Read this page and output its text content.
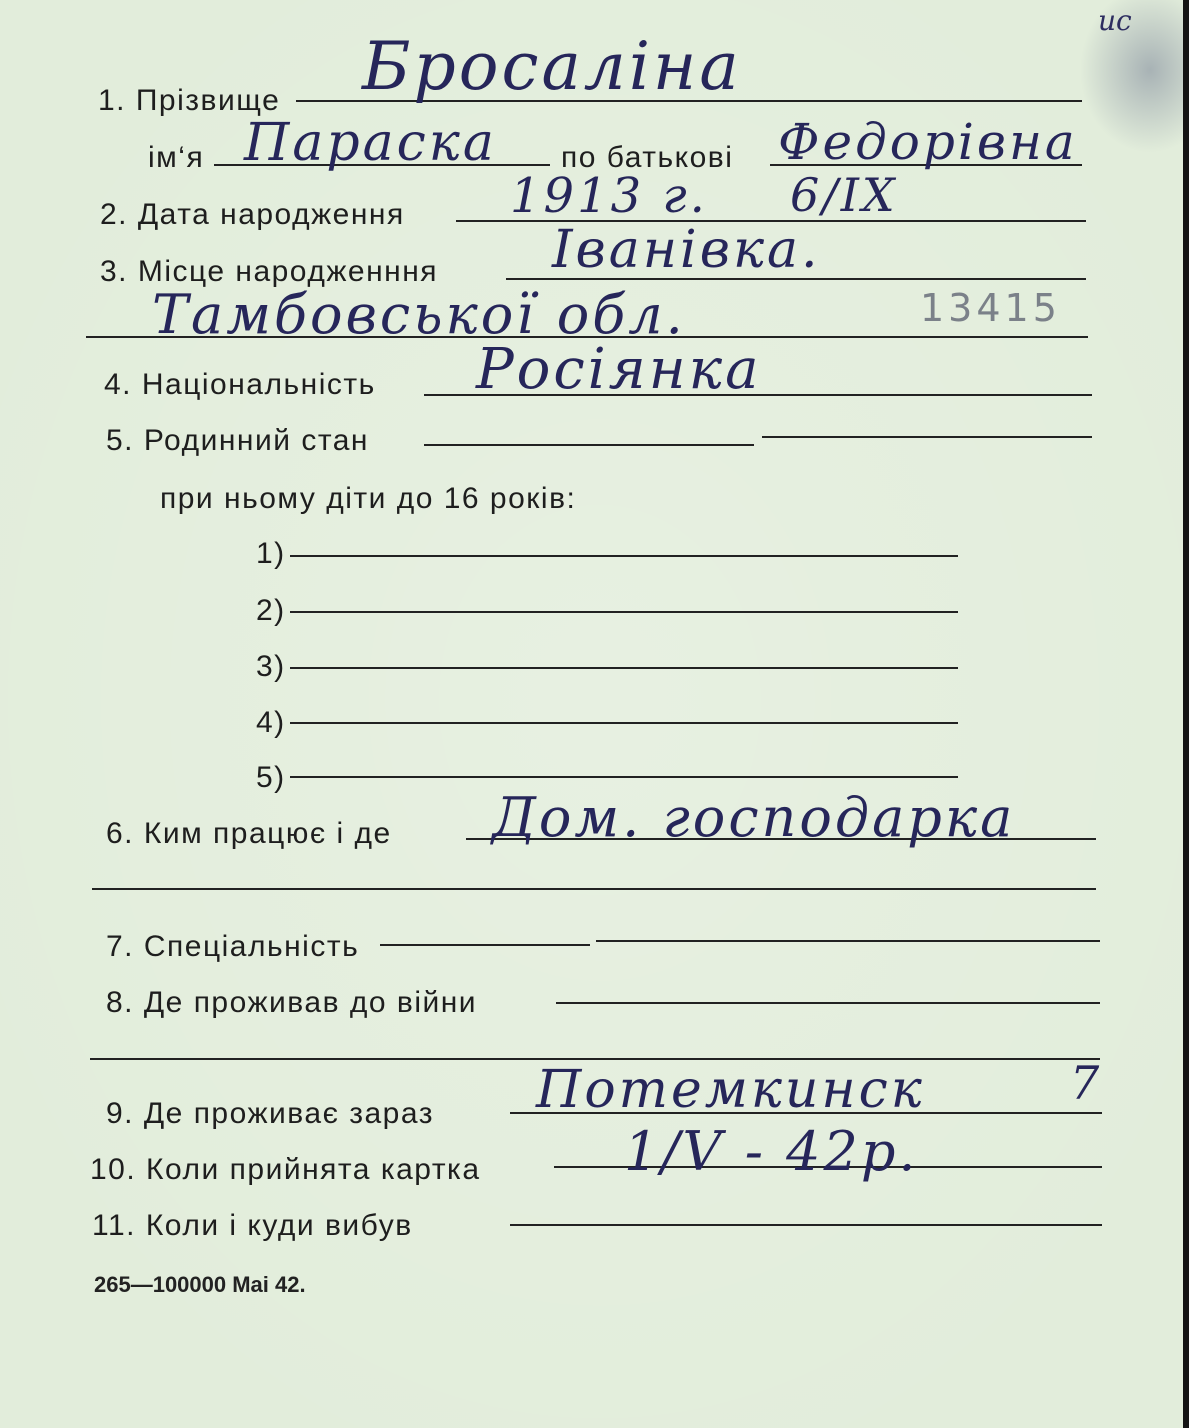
ис
1. Прізвище Бросаліна
ім‘я Параска по батькові Федорівна
2. Дата народження 1913 г. 6/IX
3. Місце народженння Іванівка.
Тамбовської обл.	13415
4. Національність Росіянка
5. Родинний стан
при ньому діти до 16 років:
1)
2)
3)
4)
5)
6. Ким працює і де Дом. господарка
7. Спеціальність
8. Де проживав до війни
9. Де проживає зараз Потемкинск	7
10. Коли прийнята картка	1/V - 42р.
11. Коли і куди вибув
265—100000 Mai 42.
